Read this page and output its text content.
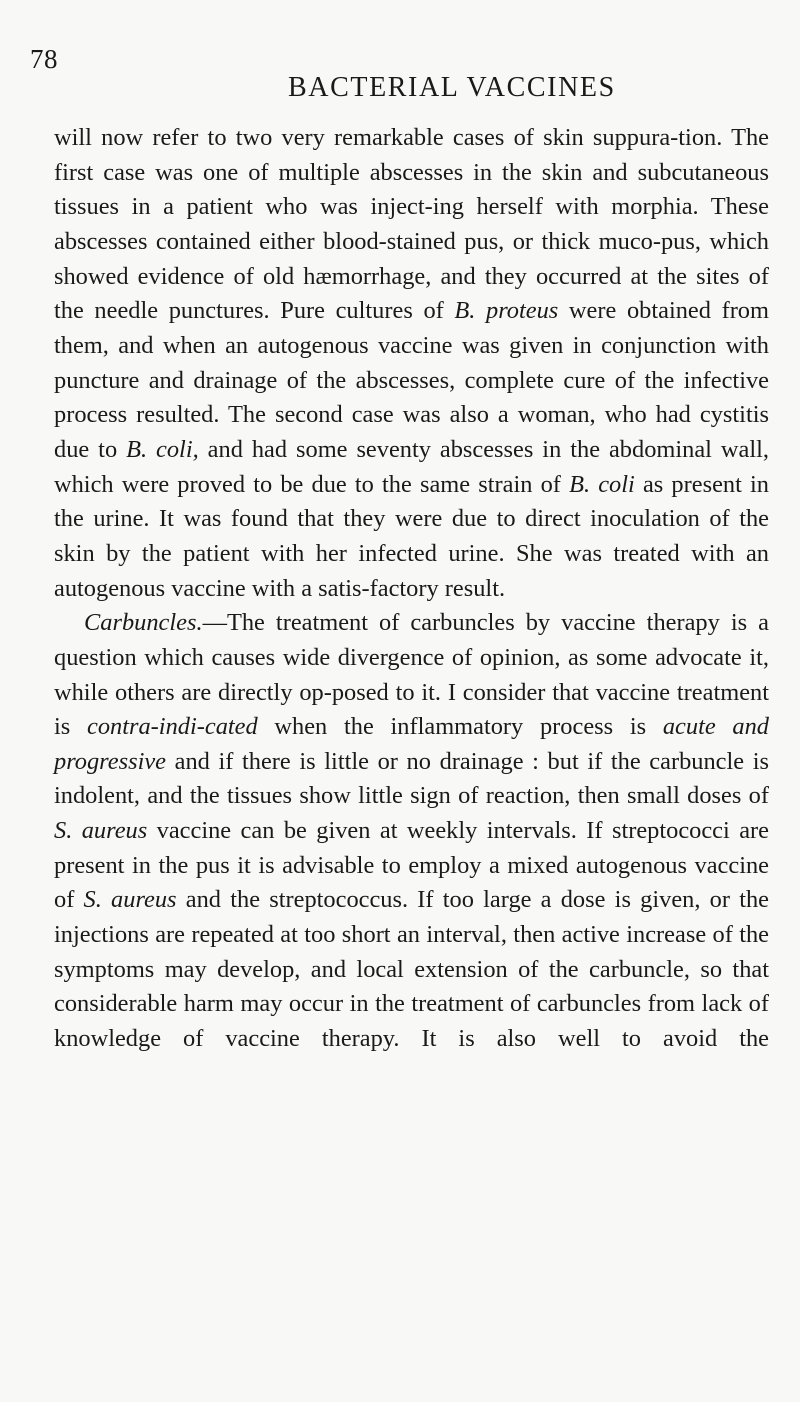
78
BACTERIAL VACCINES

will now refer to two very remarkable cases of skin suppura-tion. The first case was one of multiple abscesses in the skin and subcutaneous tissues in a patient who was inject-ing herself with morphia. These abscesses contained either blood-stained pus, or thick muco-pus, which showed evidence of old hæmorrhage, and they occurred at the sites of the needle punctures. Pure cultures of B. proteus were obtained from them, and when an autogenous vaccine was given in conjunction with puncture and drainage of the abscesses, complete cure of the infective process resulted. The second case was also a woman, who had cystitis due to B. coli, and had some seventy abscesses in the abdominal wall, which were proved to be due to the same strain of B. coli as present in the urine. It was found that they were due to direct inoculation of the skin by the patient with her infected urine. She was treated with an autogenous vaccine with a satis-factory result.

Carbuncles.—The treatment of carbuncles by vaccine therapy is a question which causes wide divergence of opinion, as some advocate it, while others are directly op-posed to it. I consider that vaccine treatment is contra-indi-cated when the inflammatory process is acute and progressive and if there is little or no drainage : but if the carbuncle is indolent, and the tissues show little sign of reaction, then small doses of S. aureus vaccine can be given at weekly intervals. If streptococci are present in the pus it is advisable to employ a mixed autogenous vaccine of S. aureus and the streptococcus. If too large a dose is given, or the injections are repeated at too short an interval, then active increase of the symptoms may develop, and local extension of the carbuncle, so that considerable harm may occur in the treatment of carbuncles from lack of knowledge of vaccine therapy. It is also well to avoid the
